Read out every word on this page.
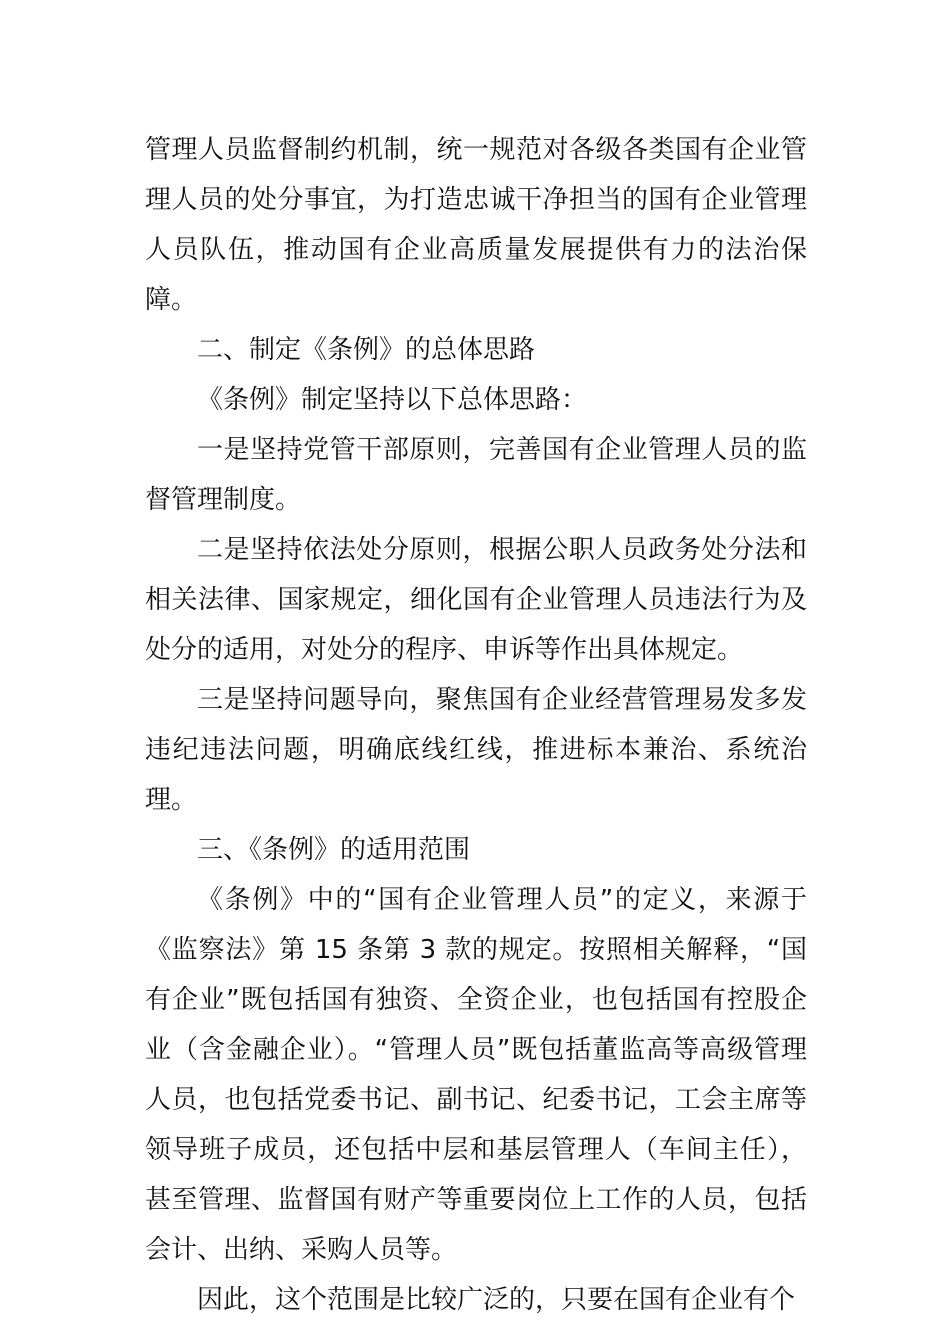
管理人员监督制约机制，统一规范对各级各类国有企业管理人员的处分事宜，为打造忠诚干净担当的国有企业管理人员队伍，推动国有企业高质量发展提供有力的法治保障。

二、制定《条例》的总体思路

《条例》制定坚持以下总体思路：

一是坚持党管干部原则，完善国有企业管理人员的监督管理制度。

二是坚持依法处分原则，根据公职人员政务处分法和相关法律、国家规定，细化国有企业管理人员违法行为及处分的适用，对处分的程序、申诉等作出具体规定。

三是坚持问题导向，聚焦国有企业经营管理易发多发违纪违法问题，明确底线红线，推进标本兼治、系统治理。

三、《条例》的适用范围

《条例》中的“国有企业管理人员”的定义，来源于《监察法》第 15 条第 3 款的规定。按照相关解释，“国有企业”既包括国有独资、全资企业，也包括国有控股企业（含金融企业）。“管理人员”既包括董监高等高级管理人员，也包括党委书记、副书记、纪委书记，工会主席等领导班子成员，还包括中层和基层管理人（车间主任），甚至管理、监督国有财产等重要岗位上工作的人员，包括会计、出纳、采购人员等。

因此，这个范围是比较广泛的，只要在国有企业有个
